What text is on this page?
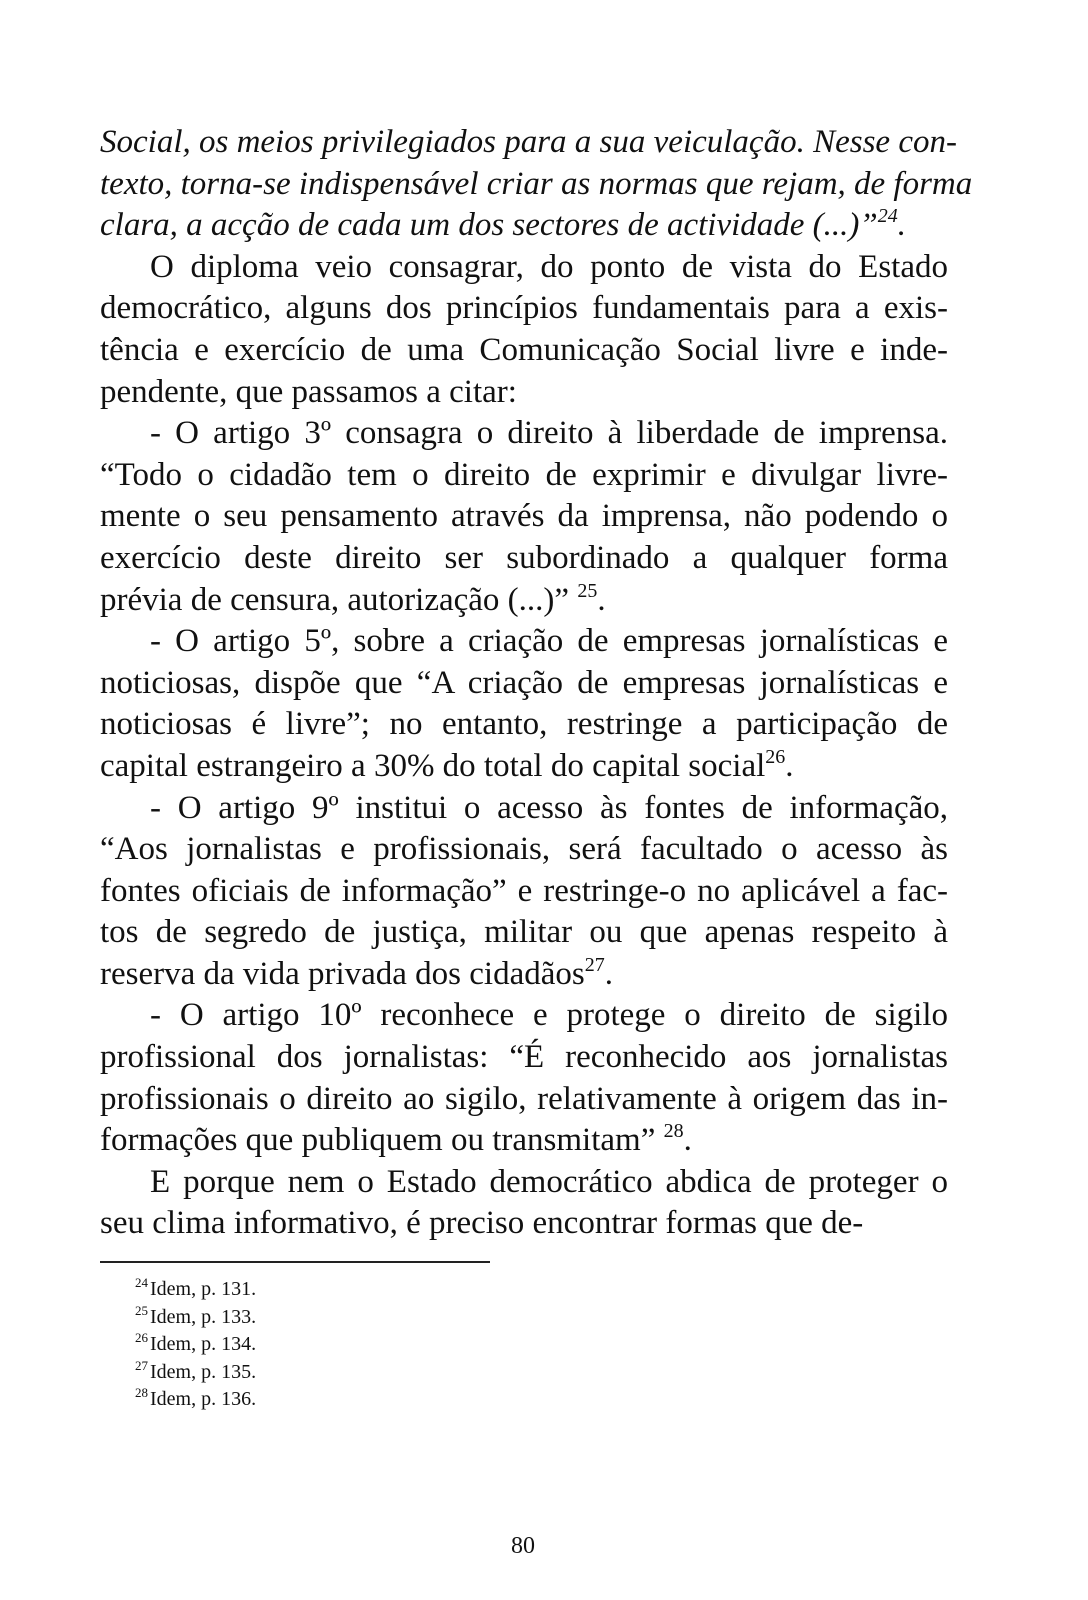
Social, os meios privilegiados para a sua veiculação. Nesse con-
texto, torna-se indispensável criar as normas que rejam, de forma
clara, a acção de cada um dos sectores de actividade (...)”$^{24}$.
O diploma veio consagrar, do ponto de vista do Estado
democrático, alguns dos princípios fundamentais para a exis-
tência e exercício de uma Comunicação Social livre e inde-
pendente, que passamos a citar:
- O artigo 3º consagra o direito à liberdade de imprensa.
“Todo o cidadão tem o direito de exprimir e divulgar livre-
mente o seu pensamento através da imprensa, não podendo o
exercício deste direito ser subordinado a qualquer forma
prévia de censura, autorização (...)” $^{25}$.
- O artigo 5º, sobre a criação de empresas jornalísticas e
noticiosas, dispõe que “A criação de empresas jornalísticas e
noticiosas é livre”; no entanto, restringe a participação de
capital estrangeiro a 30% do total do capital social$^{26}$.
- O artigo 9º institui o acesso às fontes de informação,
“Aos jornalistas e profissionais, será facultado o acesso às
fontes oficiais de informação” e restringe-o no aplicável a fac-
tos de segredo de justiça, militar ou que apenas respeito à
reserva da vida privada dos cidadãos$^{27}$.
- O artigo 10º reconhece e protege o direito de sigilo
profissional dos jornalistas: “É reconhecido aos jornalistas
profissionais o direito ao sigilo, relativamente à origem das in-
formações que publiquem ou transmitam” $^{28}$.
E porque nem o Estado democrático abdica de proteger o
seu clima informativo, é preciso encontrar formas que de-
$^{24}$ Idem, p. 131.
$^{25}$ Idem, p. 133.
$^{26}$ Idem, p. 134.
$^{27}$ Idem, p. 135.
$^{28}$ Idem, p. 136.
80
